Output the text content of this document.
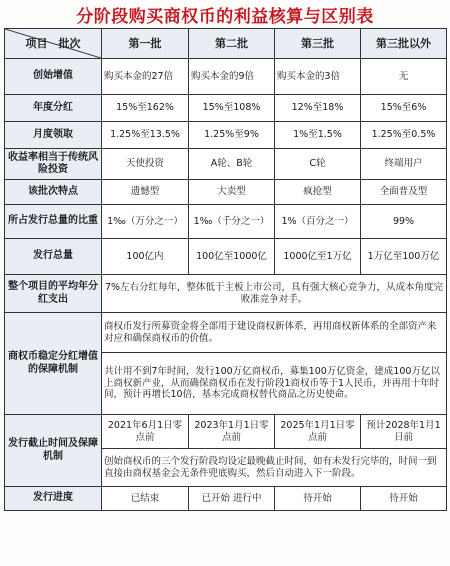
分阶段购买商权币的利益核算与区别表
项目　批次	第一批	第二批	第三批	第三批以外
创始增值	购买本金的27倍	购买本金的9倍	购买本金的3倍	无
年度分红	15%至162%	15%至108%	12%至18%	15%至6%
月度领取	1.25%至13.5%	1.25%至9%	1%至1.5%	1.25%至0.5%
收益率相当于传统风险投资	天使投资	A轮、B轮	C轮	终端用户
该批次特点	遗憾型	大卖型	疯抢型	全面普及型
所占发行总量的比重	1‰（万分之一）	1‰（千分之一）	1%（百分之一）	99%
发行总量	100亿内	100亿至1000亿	1000亿至1万亿	1万亿至100万亿
整个项目的平均年分红支出	7%左右分红每年，整体低于主板上市公司，具有强大核心竞争力，从成本角度完败准竞争对手。			
商权币稳定分红增值的保障机制	商权币发行所募资金将全部用于建设商权新体系，再用商权新体系的全部资产来对应和确保商权币的价值。			
	共计用不到7年时间，发行100万亿商权币，募集100万亿资金，建成100万亿以上商权新产业，从而确保商权币在发行阶段1商权币等于1人民币，并再用十年时间，预计再增长10倍，基本完成商权替代商品之历史使命。			
发行截止时间及保障机制	2021年6月1日零点前	2023年1月1日零点前	2025年1月1日零点前	预计2028年1月1日前
	创始商权币的三个发行阶段均设定最晚截止时间，如有未发行完毕的，时间一到直接由商权基金会无条件兜底购买，然后自动进入下一阶段。			
发行进度	已结束	已开始 进行中	待开始	待开始
